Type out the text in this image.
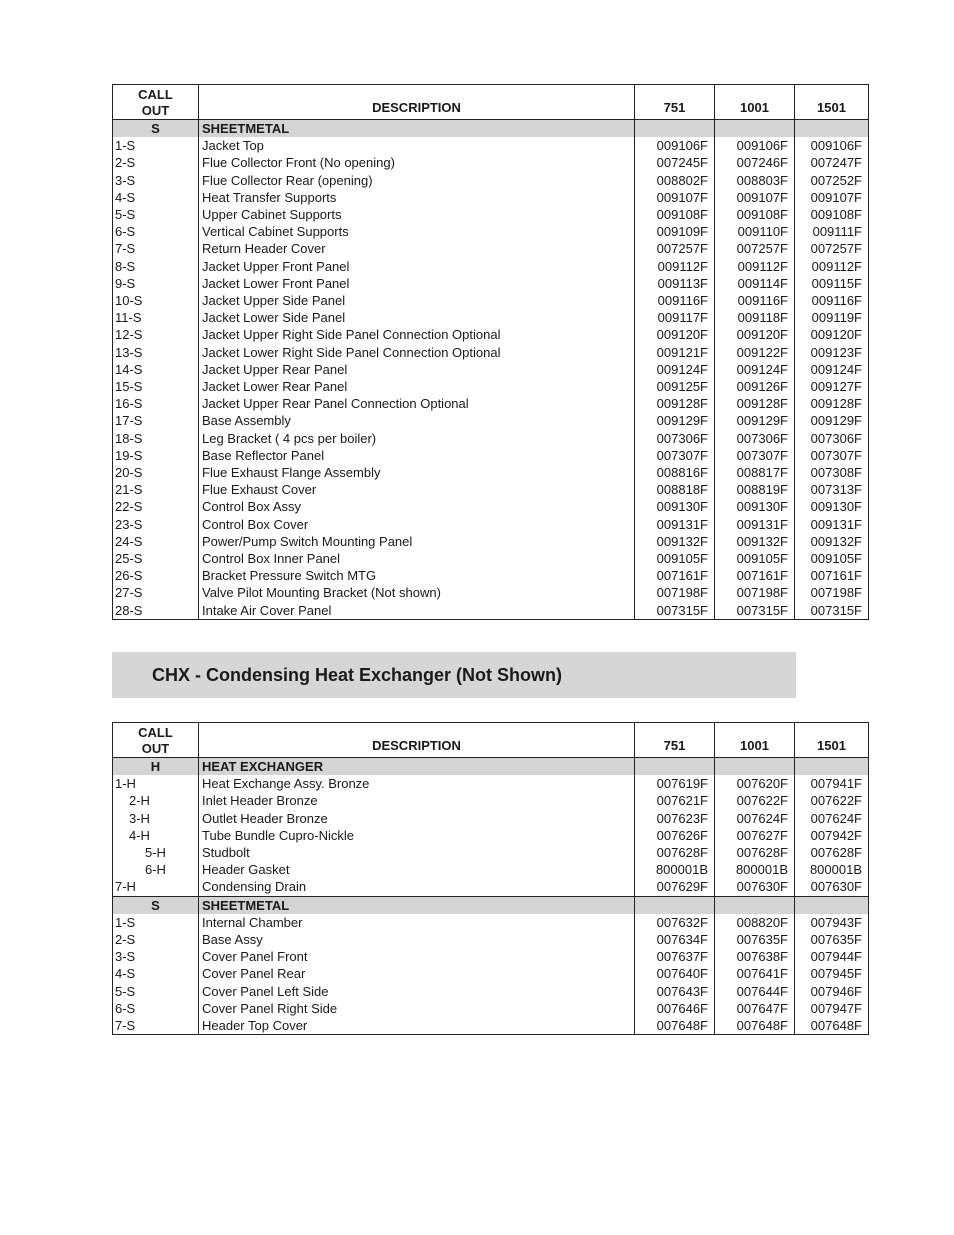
CALL
OUT	DESCRIPTION	751	1001	1501
S	SHEETMETAL			
1-S	Jacket Top	009106F	009106F	009106F
2-S	Flue Collector Front (No opening)	007245F	007246F	007247F
3-S	Flue Collector Rear (opening)	008802F	008803F	007252F
4-S	Heat Transfer Supports	009107F	009107F	009107F
5-S	Upper Cabinet Supports	009108F	009108F	009108F
6-S	Vertical Cabinet Supports	009109F	009110F	009111F
7-S	Return Header Cover	007257F	007257F	007257F
8-S	Jacket Upper Front Panel	009112F	009112F	009112F
9-S	Jacket Lower Front Panel	009113F	009114F	009115F
10-S	Jacket Upper Side Panel	009116F	009116F	009116F
11-S	Jacket Lower Side Panel	009117F	009118F	009119F
12-S	Jacket Upper Right Side Panel Connection Optional	009120F	009120F	009120F
13-S	Jacket Lower Right Side Panel Connection Optional	009121F	009122F	009123F
14-S	Jacket Upper Rear Panel	009124F	009124F	009124F
15-S	Jacket Lower Rear Panel	009125F	009126F	009127F
16-S	Jacket Upper Rear Panel Connection Optional	009128F	009128F	009128F
17-S	Base Assembly	009129F	009129F	009129F
18-S	Leg Bracket ( 4 pcs per boiler)	007306F	007306F	007306F
19-S	Base Reflector Panel	007307F	007307F	007307F
20-S	Flue Exhaust Flange Assembly	008816F	008817F	007308F
21-S	Flue Exhaust Cover	008818F	008819F	007313F
22-S	Control Box Assy	009130F	009130F	009130F
23-S	Control Box Cover	009131F	009131F	009131F
24-S	Power/Pump Switch Mounting Panel	009132F	009132F	009132F
25-S	Control Box Inner Panel	009105F	009105F	009105F
26-S	Bracket Pressure Switch MTG	007161F	007161F	007161F
27-S	Valve Pilot Mounting Bracket (Not shown)	007198F	007198F	007198F
28-S	Intake Air Cover Panel	007315F	007315F	007315F
CHX - Condensing Heat Exchanger (Not Shown)
CALL
OUT	DESCRIPTION	751	1001	1501
H	HEAT EXCHANGER			
1-H	Heat Exchange Assy. Bronze	007619F	007620F	007941F
2-H	Inlet Header Bronze	007621F	007622F	007622F
3-H	Outlet Header Bronze	007623F	007624F	007624F
4-H	Tube Bundle Cupro-Nickle	007626F	007627F	007942F
5-H	Studbolt	007628F	007628F	007628F
6-H	Header Gasket	800001B	800001B	800001B
7-H	Condensing Drain	007629F	007630F	007630F
S	SHEETMETAL			
1-S	Internal Chamber	007632F	008820F	007943F
2-S	Base Assy	007634F	007635F	007635F
3-S	Cover Panel Front	007637F	007638F	007944F
4-S	Cover Panel Rear	007640F	007641F	007945F
5-S	Cover Panel Left Side	007643F	007644F	007946F
6-S	Cover Panel Right Side	007646F	007647F	007947F
7-S	Header Top Cover	007648F	007648F	007648F
